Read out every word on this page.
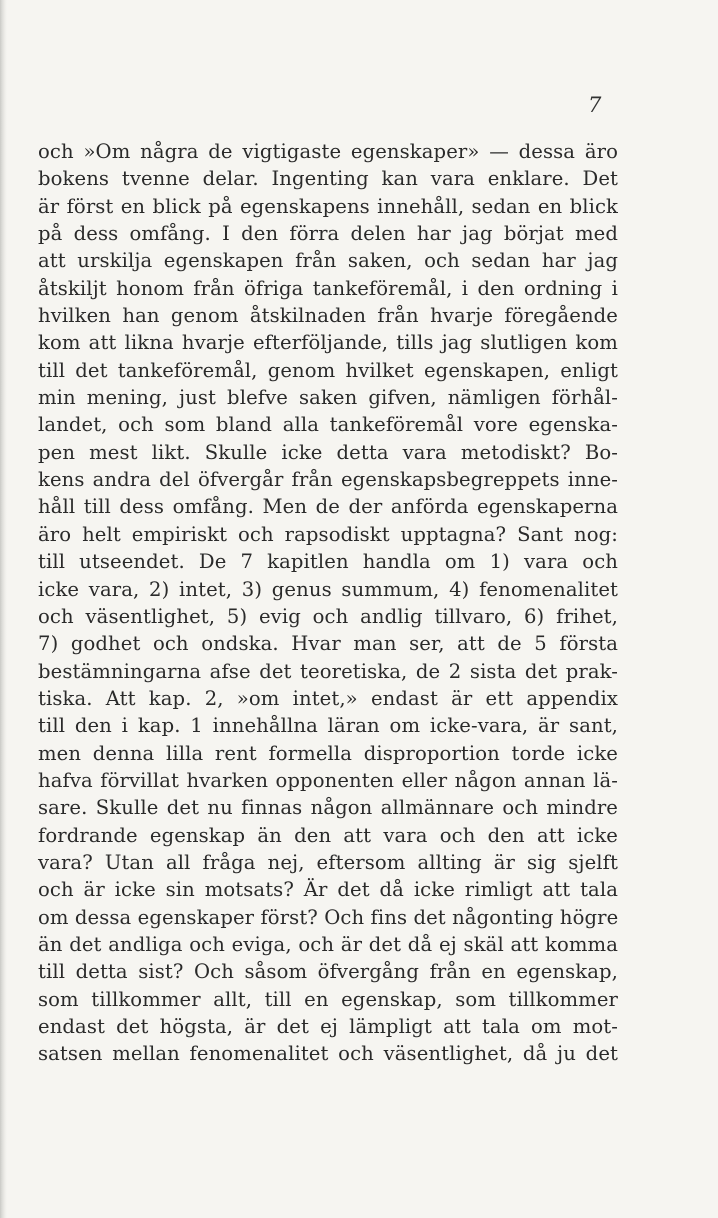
7
och »Om några de vigtigaste egenskaper» — dessa äro
bokens tvenne delar. Ingenting kan vara enklare. Det
är först en blick på egenskapens innehåll, sedan en blick
på dess omfång. I den förra delen har jag börjat med
att urskilja egenskapen från saken, och sedan har jag
åtskiljt honom från öfriga tankeföremål, i den ordning i
hvilken han genom åtskilnaden från hvarje föregående
kom att likna hvarje efterföljande, tills jag slutligen kom
till det tankeföremål, genom hvilket egenskapen, enligt
min mening, just blefve saken gifven, nämligen förhål-
landet, och som bland alla tankeföremål vore egenska-
pen mest likt. Skulle icke detta vara metodiskt? Bo-
kens andra del öfvergår från egenskapsbegreppets inne-
håll till dess omfång. Men de der anförda egenskaperna
äro helt empiriskt och rapsodiskt upptagna? Sant nog:
till utseendet. De 7 kapitlen handla om 1) vara och
icke vara, 2) intet, 3) genus summum, 4) fenomenalitet
och väsentlighet, 5) evig och andlig tillvaro, 6) frihet,
7) godhet och ondska. Hvar man ser, att de 5 första
bestämningarna afse det teoretiska, de 2 sista det prak-
tiska. Att kap. 2, »om intet,» endast är ett appendix
till den i kap. 1 innehållna läran om icke-vara, är sant,
men denna lilla rent formella disproportion torde icke
hafva förvillat hvarken opponenten eller någon annan lä-
sare. Skulle det nu finnas någon allmännare och mindre
fordrande egenskap än den att vara och den att icke
vara? Utan all fråga nej, eftersom allting är sig sjelft
och är icke sin motsats? Är det då icke rimligt att tala
om dessa egenskaper först? Och fins det någonting högre
än det andliga och eviga, och är det då ej skäl att komma
till detta sist? Och såsom öfvergång från en egenskap,
som tillkommer allt, till en egenskap, som tillkommer
endast det högsta, är det ej lämpligt att tala om mot-
satsen mellan fenomenalitet och väsentlighet, då ju det
